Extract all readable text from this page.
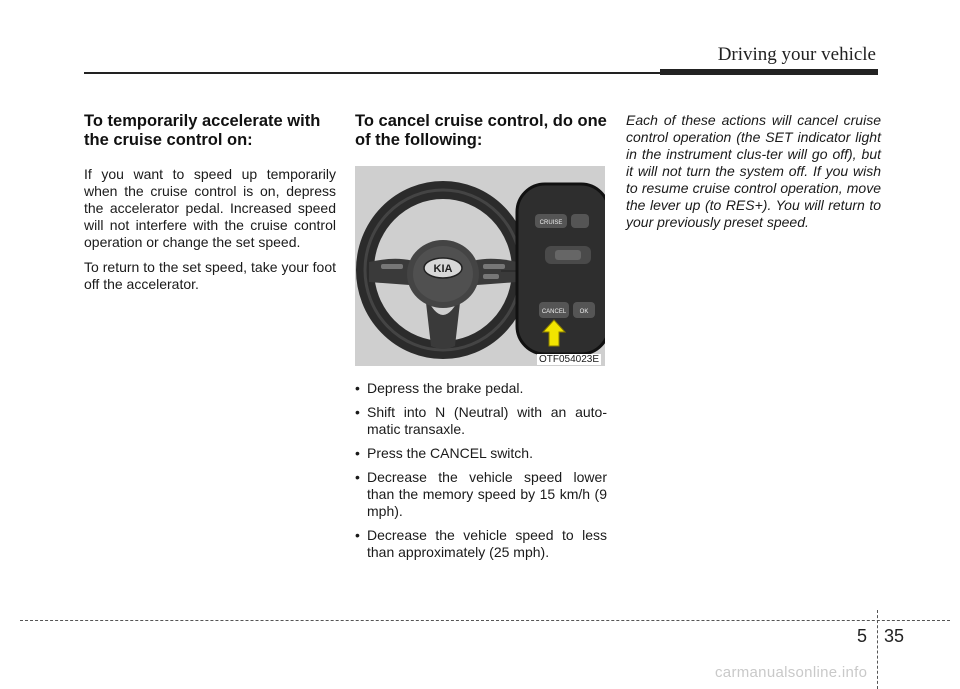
Driving your vehicle
To temporarily accelerate with the cruise control on:

If you want to speed up temporarily when the cruise control is on, depress the accelerator pedal. Increased speed will not interfere with the cruise control operation or change the set speed.

To return to the set speed, take your foot off the accelerator.

To cancel cruise control, do one of the following:
KIA
CRUISE
CANCEL OK
OTF054023E
• Depress the brake pedal.
• Shift into N (Neutral) with an auto-matic transaxle.
• Press the CANCEL switch.
• Decrease the vehicle speed lower than the memory speed by 15 km/h (9 mph).
• Decrease the vehicle speed to less than approximately (25 mph).

Each of these actions will cancel cruise control operation (the SET indicator light in the instrument clus-ter will go off), but it will not turn the system off. If you wish to resume cruise control operation, move the lever up (to RES+). You will return to your previously preset speed.

5 35
carmanualsonline.info
